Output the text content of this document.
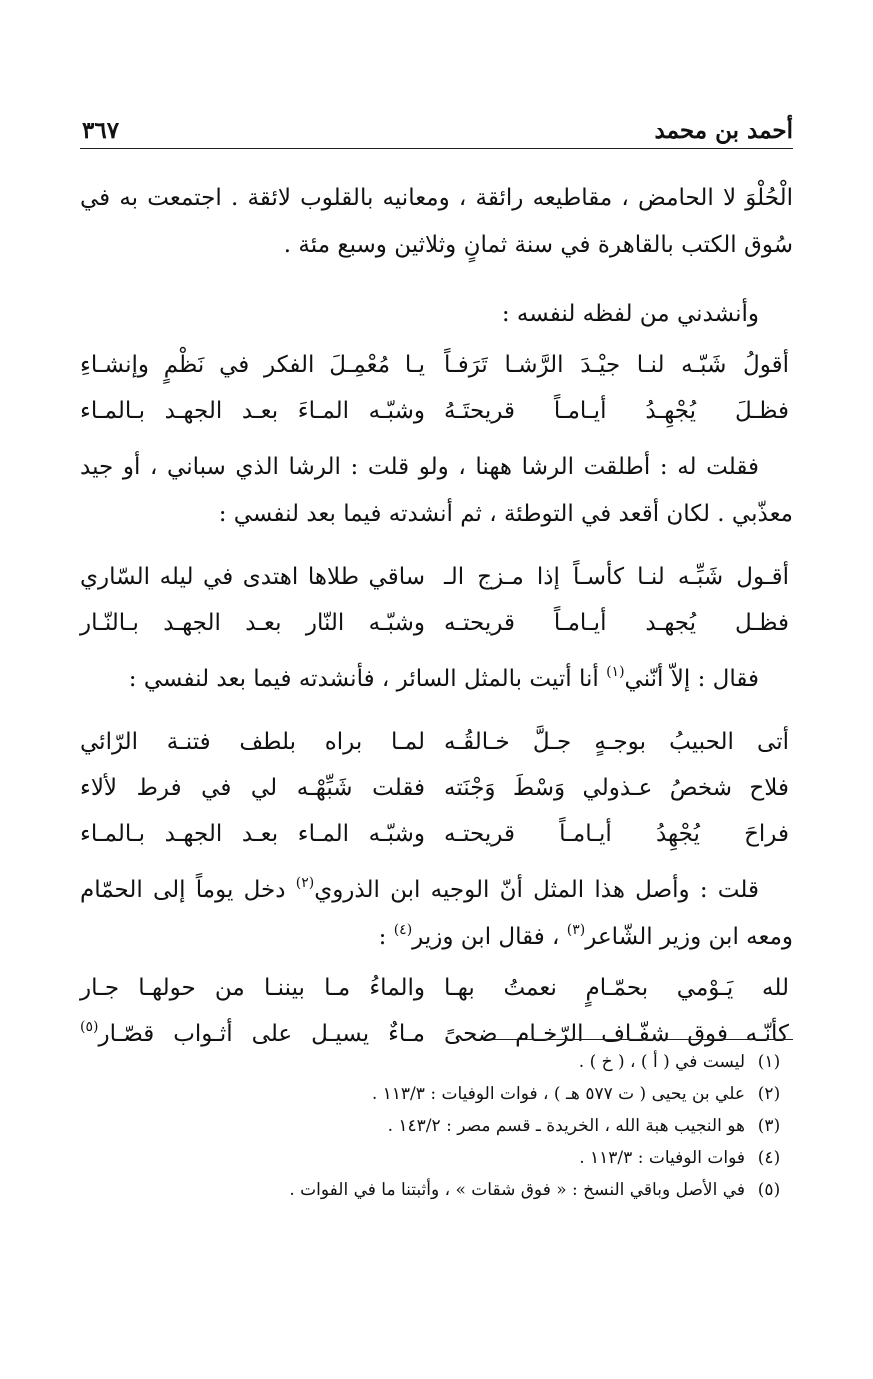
أحمد بن محمد
٣٦٧

الْحُلْوَ لا الحامض ، مقاطيعه رائقة ، ومعانيه بالقلوب لائقة . اجتمعت به في سُوق الكتب بالقاهرة في سنة ثمانٍ وثلاثين وسبع مئة .

وأنشدني من لفظه لنفسه :

أقولُ شَبّـه لنـا جيْـدَ الرَّشـا تَرَفـاً
يـا مُعْمِـلَ الفكر في نَظْمٍ وإنشـاءِ
فظـلَ يُجْهِـدُ أيـامـاً قريحتَـهُ
وشبّـه المـاءَ بعـد الجهـد بـالمـاء

فقلت له : أطلقت الرشا ههنا ، ولو قلت : الرشا الذي سباني ، أو جيد معذّبي . لكان أقعد في التوطئة ، ثم أنشدته فيما بعد لنفسي :

أقـول شَبِّـه لنـا كأسـاً إذا مـزج الـ
ساقي طلاها اهتدى في ليله السّاري
فظـل يُجهـد أيـامـاً قريحتـه
وشبّـه النّار بعـد الجهـد بـالنّـار

فقال : إلاّ أنّني$^{(١)}$ أنا أتيت بالمثل السائر ، فأنشدته فيما بعد لنفسي :

أتى الحبيبُ بوجـهٍ جـلَّ خـالقُـه
لمـا براه بلطف فتنـة الرّائي
فلاح شخصُ عـذولي وَسْطَ وَجْنَته
فقلت شَبِّهْـه لي في فرط لألاء
فراحَ يُجْهِدُ أيـامـاً قريحتـه
وشبّـه المـاء بعـد الجهـد بـالمـاء

قلت : وأصل هذا المثل أنّ الوجيه ابن الذروي$^{(٢)}$ دخل يوماً إلى الحمّام ومعه ابن وزير الشّاعر$^{(٣)}$ ، فقال ابن وزير$^{(٤)}$ :

لله يَـوْمي بحمّـامٍ نعمتُ بهـا
والماءُ مـا بيننـا من حولهـا جـار
كأنّـه فوق شفّـاف الرّخـام ضحىً
مـاءٌ يسيـل على أثـواب قصّـار$^{(٥)}$
(١)
ليست في ( أ ) ، ( خ ) .
(٢)
علي بن يحيى ( ت ٥٧٧ هـ ) ، فوات الوفيات : ١١٣/٣ .
(٣)
هو النجيب هبة الله ، الخريدة ـ قسم مصر : ١٤٣/٢ .
(٤)
فوات الوفيات : ١١٣/٣ .
(٥)
في الأصل وباقي النسخ : « فوق شقات » ، وأثبتنا ما في الفوات .
